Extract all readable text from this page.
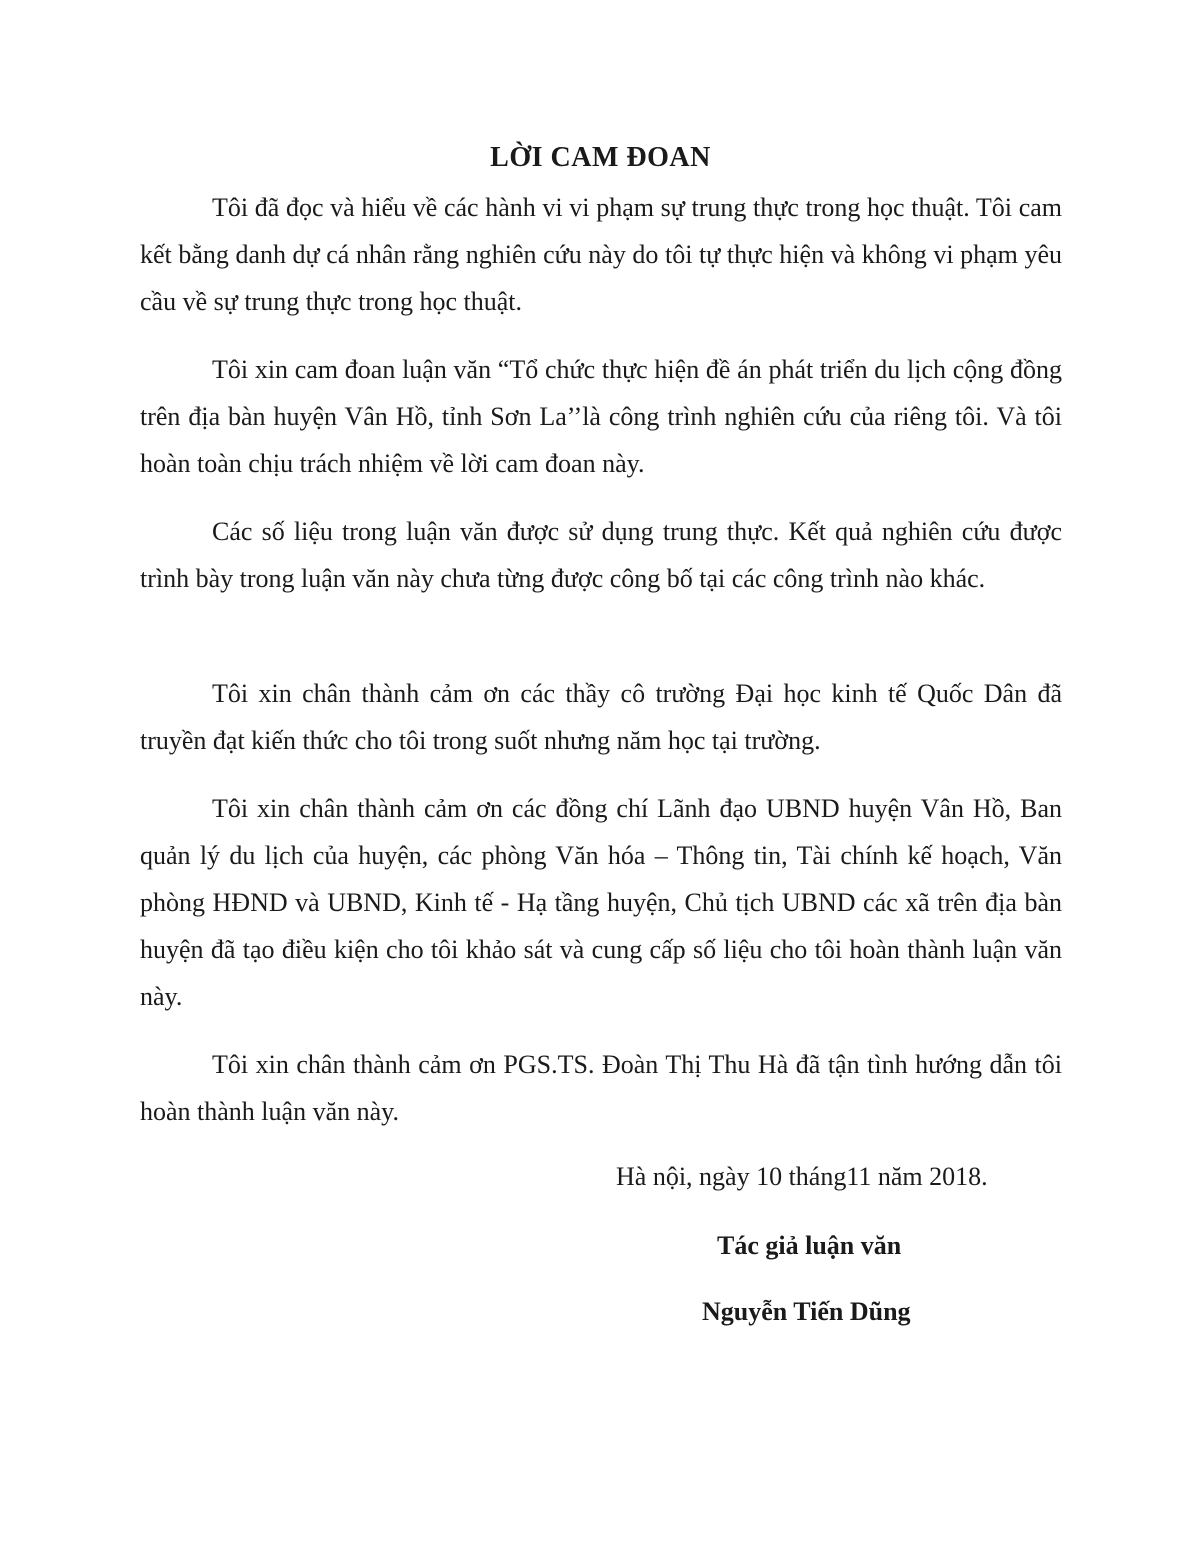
LỜI CAM ĐOAN

Tôi đã đọc và hiểu về các hành vi vi phạm sự trung thực trong học thuật. Tôi cam kết bằng danh dự cá nhân rằng nghiên cứu này do tôi tự thực hiện và không vi phạm yêu cầu về sự trung thực trong học thuật.

Tôi xin cam đoan luận văn “Tổ chức thực hiện đề án phát triển du lịch cộng đồng trên địa bàn huyện Vân Hồ, tỉnh Sơn La’’là công trình nghiên cứu của riêng tôi. Và tôi hoàn toàn chịu trách nhiệm về lời cam đoan này.

Các số liệu trong luận văn được sử dụng trung thực. Kết quả nghiên cứu được trình bày trong luận văn này chưa từng được công bố tại các công trình nào khác.

Tôi xin chân thành cảm ơn các thầy cô trường Đại học kinh tế Quốc Dân đã truyền đạt kiến thức cho tôi trong suốt nhưng năm học tại trường.

Tôi xin chân thành cảm ơn các đồng chí Lãnh đạo UBND huyện Vân Hồ, Ban quản lý du lịch của huyện, các phòng Văn hóa – Thông tin, Tài chính kế hoạch, Văn phòng HĐND và UBND, Kinh tế - Hạ tầng huyện, Chủ tịch UBND các xã trên địa bàn huyện đã tạo điều kiện cho tôi khảo sát và cung cấp số liệu cho tôi hoàn thành luận văn này.

Tôi xin chân thành cảm ơn PGS.TS. Đoàn Thị Thu Hà đã tận tình hướng dẫn tôi hoàn thành luận văn này.

Hà nội, ngày 10 tháng11 năm 2018.
Tác giả luận văn
Nguyễn Tiến Dũng
